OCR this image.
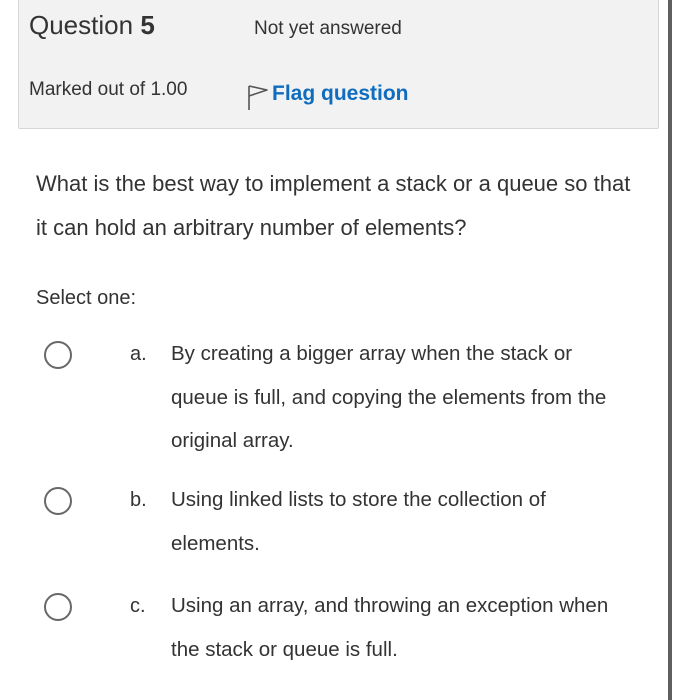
Question 5	Not yet answered
Marked out of 1.00	Flag question
What is the best way to implement a stack or a queue so that it can hold an arbitrary number of elements?
Select one:
a. By creating a bigger array when the stack or queue is full, and copying the elements from the original array.
b. Using linked lists to store the collection of elements.
c. Using an array, and throwing an exception when the stack or queue is full.
